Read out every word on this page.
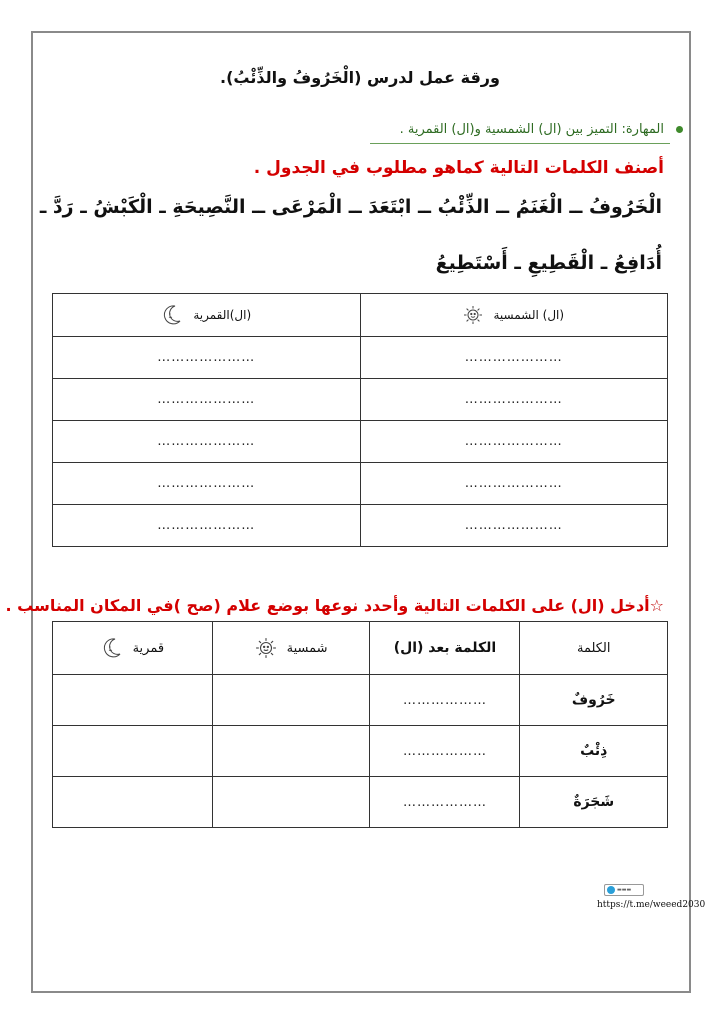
ورقة عمل لدرس (الْخَرُوفُ والذِّئْبُ).
المهارة: التميز بين (ال) الشمسية و(ال) القمرية .
أصنف الكلمات التالية كماهو مطلوب في الجدول .
الْخَرُوفُ ــ الْغَنَمُ ــ الذِّئْبُ ــ ابْتَعَدَ ــ الْمَرْعَى ــ النَّصِيحَةِ ـ الْكَبْشُ ـ رَدَّ ـ
أُدَافِعُ ـ الْقَطِيعِ ـ أَسْتَطِيعُ
(ال) الشمسية	(ال)القمرية

…………………	…………………
…………………	…………………
…………………	…………………
…………………	…………………
…………………	…………………
☆أدخل (ال) على الكلمات التالية وأحدد نوعها بوضع علام (صح )في المكان المناسب .
الكلمة	الكلمة بعد (ال)	شمسية	قمرية

خَرُوفٌ	………………		
ذِئْبٌ	………………		
شَجَرَةٌ	………………		
▬▬▬
https://t.me/weeed2030
